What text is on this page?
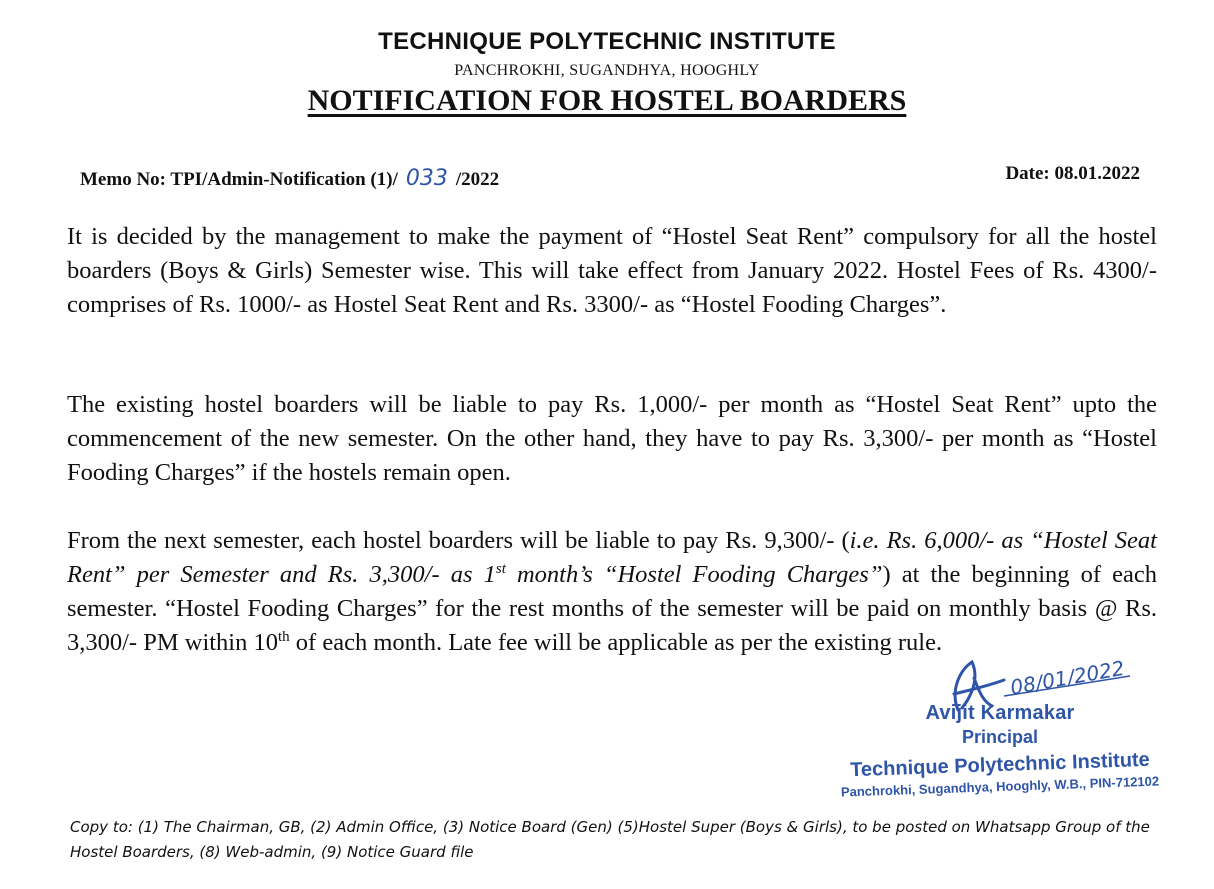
TECHNIQUE POLYTECHNIC INSTITUTE
PANCHROKHI, SUGANDHYA, HOOGHLY
NOTIFICATION FOR HOSTEL BOARDERS
Memo No: TPI/Admin-Notification (1)/ 033 /2022	Date: 08.01.2022
It is decided by the management to make the payment of “Hostel Seat Rent” compulsory for all the hostel boarders (Boys & Girls) Semester wise. This will take effect from January 2022. Hostel Fees of Rs. 4300/- comprises of Rs. 1000/- as Hostel Seat Rent and Rs. 3300/- as “Hostel Fooding Charges”.
The existing hostel boarders will be liable to pay Rs. 1,000/- per month as “Hostel Seat Rent” upto the commencement of the new semester. On the other hand, they have to pay Rs. 3,300/- per month as “Hostel Fooding Charges” if the hostels remain open.
From the next semester, each hostel boarders will be liable to pay Rs. 9,300/- (i.e. Rs. 6,000/- as “Hostel Seat Rent” per Semester and Rs. 3,300/- as 1st month’s “Hostel Fooding Charges”) at the beginning of each semester. “Hostel Fooding Charges” for the rest months of the semester will be paid on monthly basis @ Rs. 3,300/- PM within 10th of each month. Late fee will be applicable as per the existing rule.
08/01/2022
Avijit Karmakar
Principal
Technique Polytechnic Institute
Panchrokhi, Sugandhya, Hooghly, W.B., PIN-712102
Copy to: (1) The Chairman, GB, (2) Admin Office, (3) Notice Board (Gen) (5)Hostel Super (Boys & Girls), to be posted on Whatsapp Group of the Hostel Boarders, (8) Web-admin, (9) Notice Guard file
